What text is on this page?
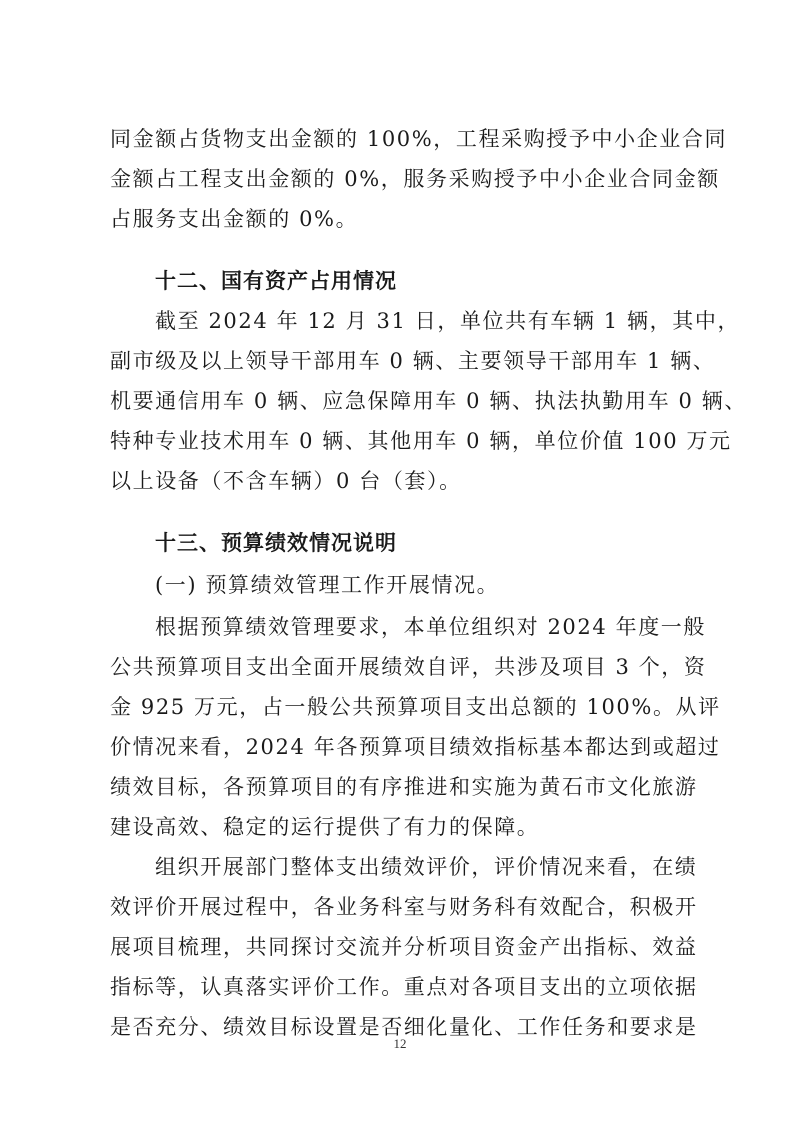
同金额占货物支出金额的 100%，工程采购授予中小企业合同
金额占工程支出金额的 0%，服务采购授予中小企业合同金额
占服务支出金额的 0%。
十二、国有资产占用情况
截至 2024 年 12 月 31 日，单位共有车辆 1 辆，其中，
副市级及以上领导干部用车 0 辆、主要领导干部用车 1 辆、
机要通信用车 0 辆、应急保障用车 0 辆、执法执勤用车 0 辆、
特种专业技术用车 0 辆、其他用车 0 辆，单位价值 100 万元
以上设备（不含车辆）0 台（套）。
十三、预算绩效情况说明
(一) 预算绩效管理工作开展情况。
根据预算绩效管理要求，本单位组织对 2024 年度一般
公共预算项目支出全面开展绩效自评，共涉及项目 3 个，资
金 925 万元，占一般公共预算项目支出总额的 100%。从评
价情况来看，2024 年各预算项目绩效指标基本都达到或超过
绩效目标，各预算项目的有序推进和实施为黄石市文化旅游
建设高效、稳定的运行提供了有力的保障。
组织开展部门整体支出绩效评价，评价情况来看，在绩
效评价开展过程中，各业务科室与财务科有效配合，积极开
展项目梳理，共同探讨交流并分析项目资金产出指标、效益
指标等，认真落实评价工作。重点对各项目支出的立项依据
是否充分、绩效目标设置是否细化量化、工作任务和要求是
12
